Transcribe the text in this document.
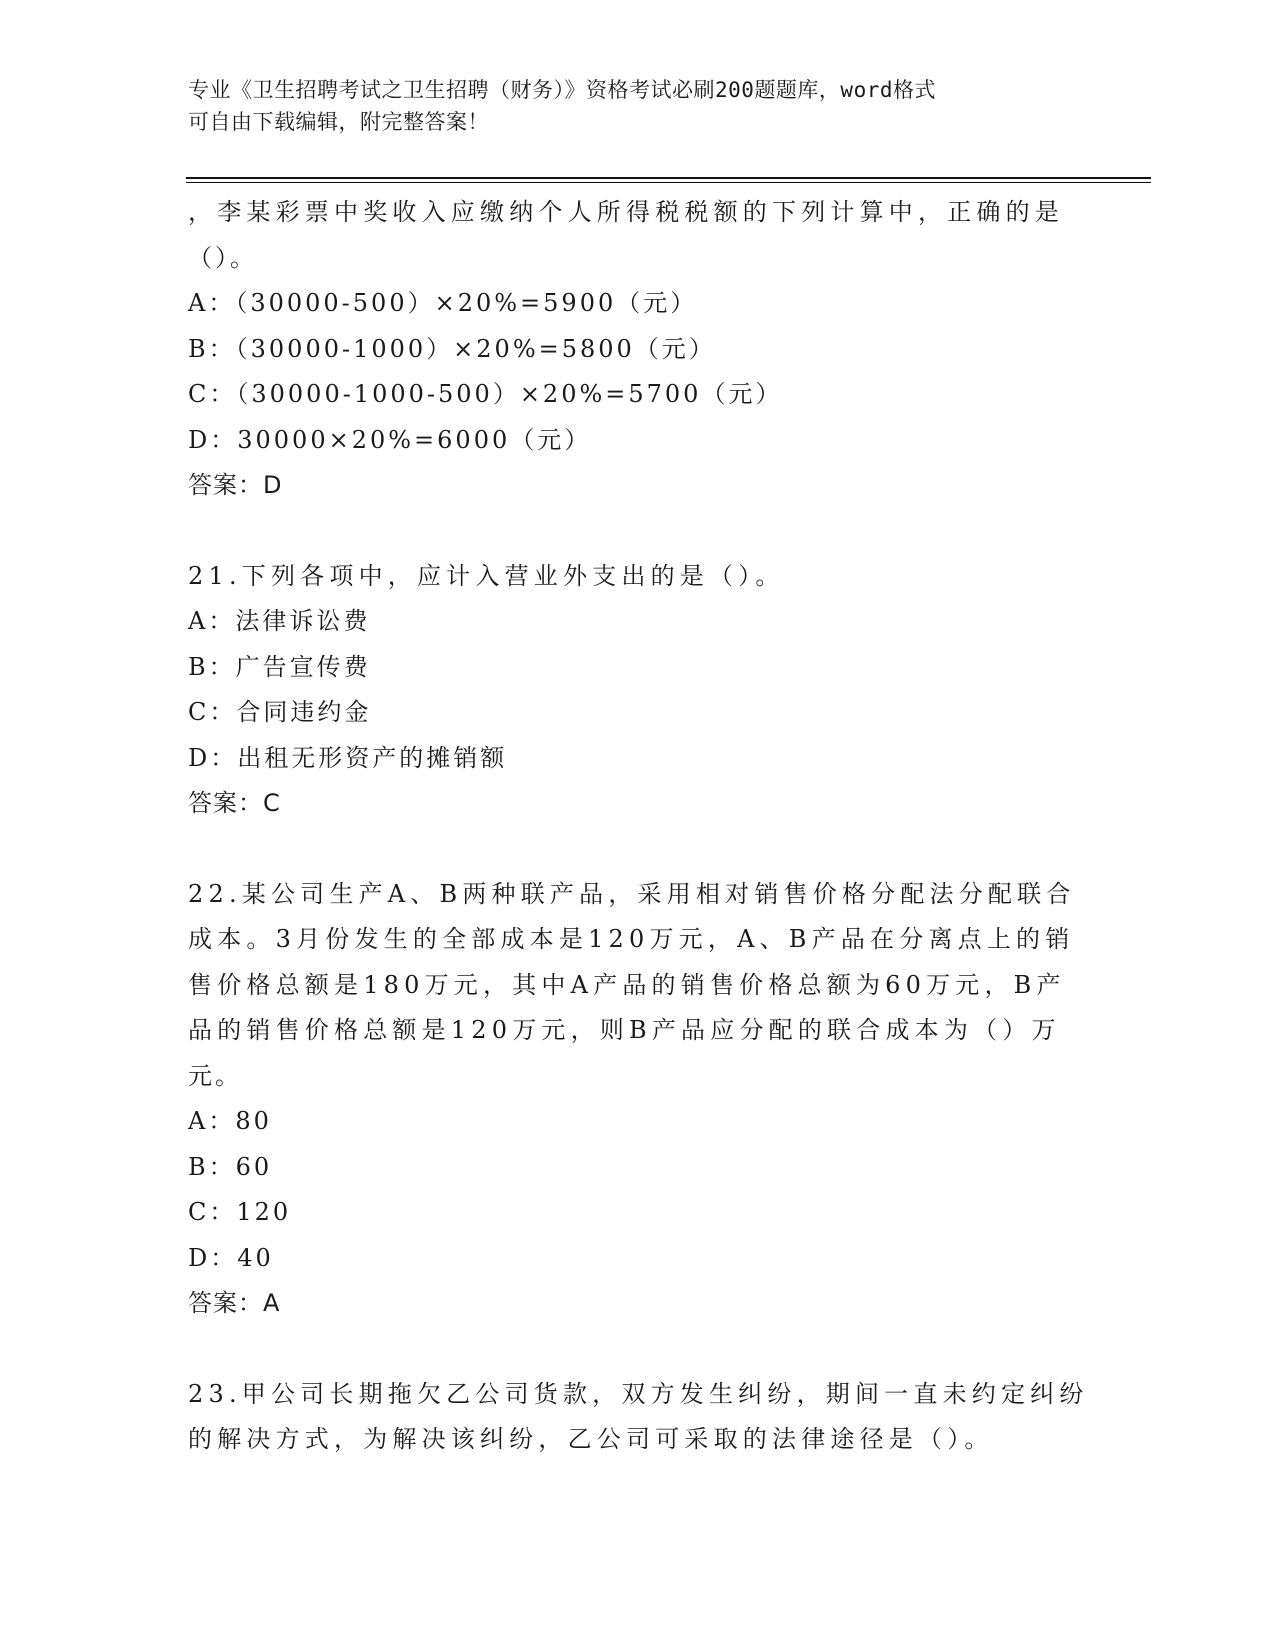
专业《卫生招聘考试之卫生招聘（财务）》资格考试必刷200题题库，word格式
可自由下载编辑，附完整答案！
，李某彩票中奖收入应缴纳个人所得税税额的下列计算中，正确的是
（）。
A：（30000-500）×20%=5900（元）
B：（30000-1000）×20%=5800（元）
C：（30000-1000-500）×20%=5700（元）
D：30000×20%=6000（元）
答案：D
21.下列各项中，应计入营业外支出的是（）。
A：法律诉讼费
B：广告宣传费
C：合同违约金
D：出租无形资产的摊销额
答案：C
22.某公司生产A、B两种联产品，采用相对销售价格分配法分配联合
成本。3月份发生的全部成本是120万元，A、B产品在分离点上的销
售价格总额是180万元，其中A产品的销售价格总额为60万元，B产
品的销售价格总额是120万元，则B产品应分配的联合成本为（）万
元。
A：80
B：60
C：120
D：40
答案：A
23.甲公司长期拖欠乙公司货款，双方发生纠纷，期间一直未约定纠纷
的解决方式，为解决该纠纷，乙公司可采取的法律途径是（）。
